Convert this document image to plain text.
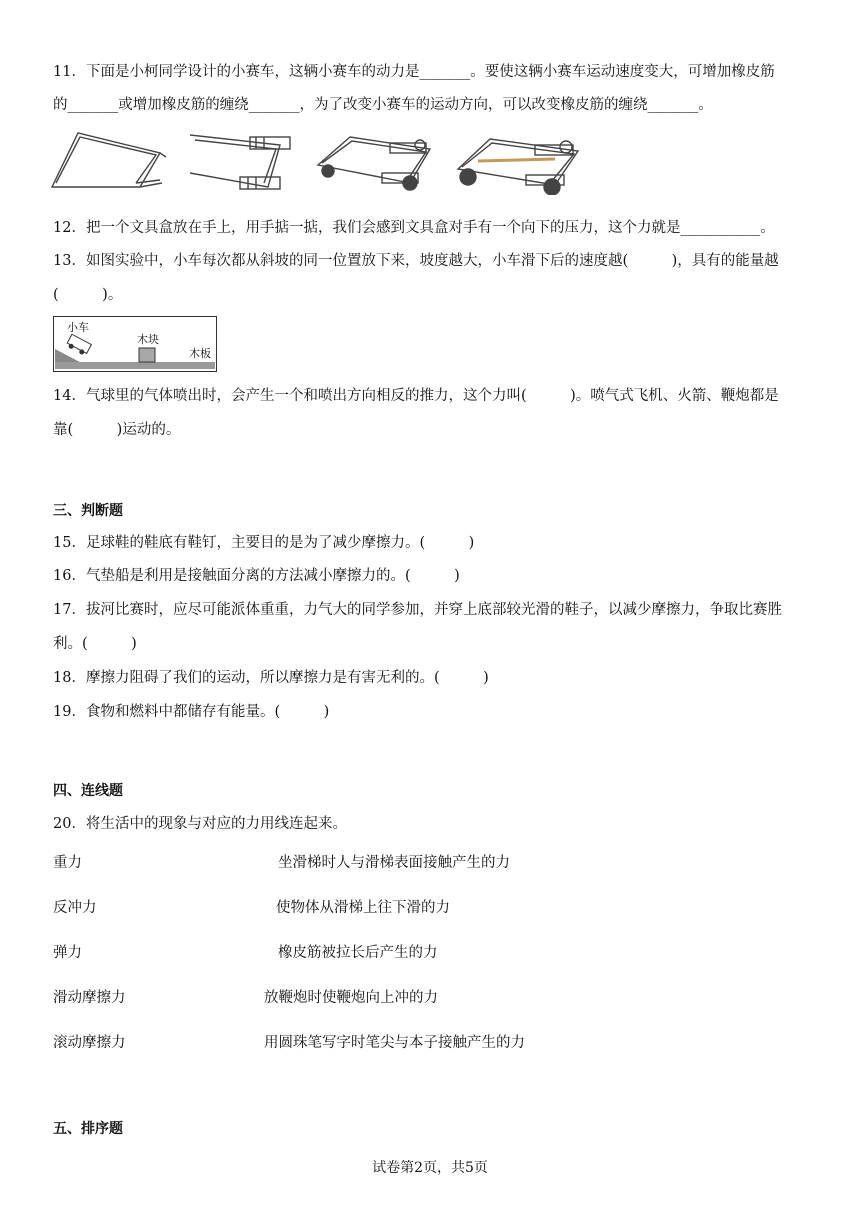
11．下面是小柯同学设计的小赛车，这辆小赛车的动力是_______。要使这辆小赛车运动速度变大，可增加橡皮筋
的_______或增加橡皮筋的缠绕_______，为了改变小赛车的运动方向，可以改变橡皮筋的缠绕_______。
12．把一个文具盒放在手上，用手掂一掂，我们会感到文具盒对手有一个向下的压力，这个力就是___________。
13．如图实验中，小车每次都从斜坡的同一位置放下来，坡度越大，小车滑下后的速度越(　　　)，具有的能量越
(　　　)。
小车
木块
木板
14．气球里的气体喷出时，会产生一个和喷出方向相反的推力，这个力叫(　　　)。喷气式飞机、火箭、鞭炮都是
靠(　　　)运动的。
三、判断题
15．足球鞋的鞋底有鞋钉，主要目的是为了减少摩擦力。(　　　)
16．气垫船是利用是接触面分离的方法减小摩擦力的。(　　　)
17．拔河比赛时，应尽可能派体重重，力气大的同学参加，并穿上底部较光滑的鞋子，以减少摩擦力，争取比赛胜
利。(　　　)
18．摩擦力阻碍了我们的运动，所以摩擦力是有害无利的。(　　　)
19．食物和燃料中都储存有能量。(　　　)
四、连线题
20．将生活中的现象与对应的力用线连起来。
重力
反冲力
弹力
滑动摩擦力
滚动摩擦力
坐滑梯时人与滑梯表面接触产生的力
使物体从滑梯上往下滑的力
橡皮筋被拉长后产生的力
放鞭炮时使鞭炮向上冲的力
用圆珠笔写字时笔尖与本子接触产生的力
五、排序题
试卷第2页，共5页
